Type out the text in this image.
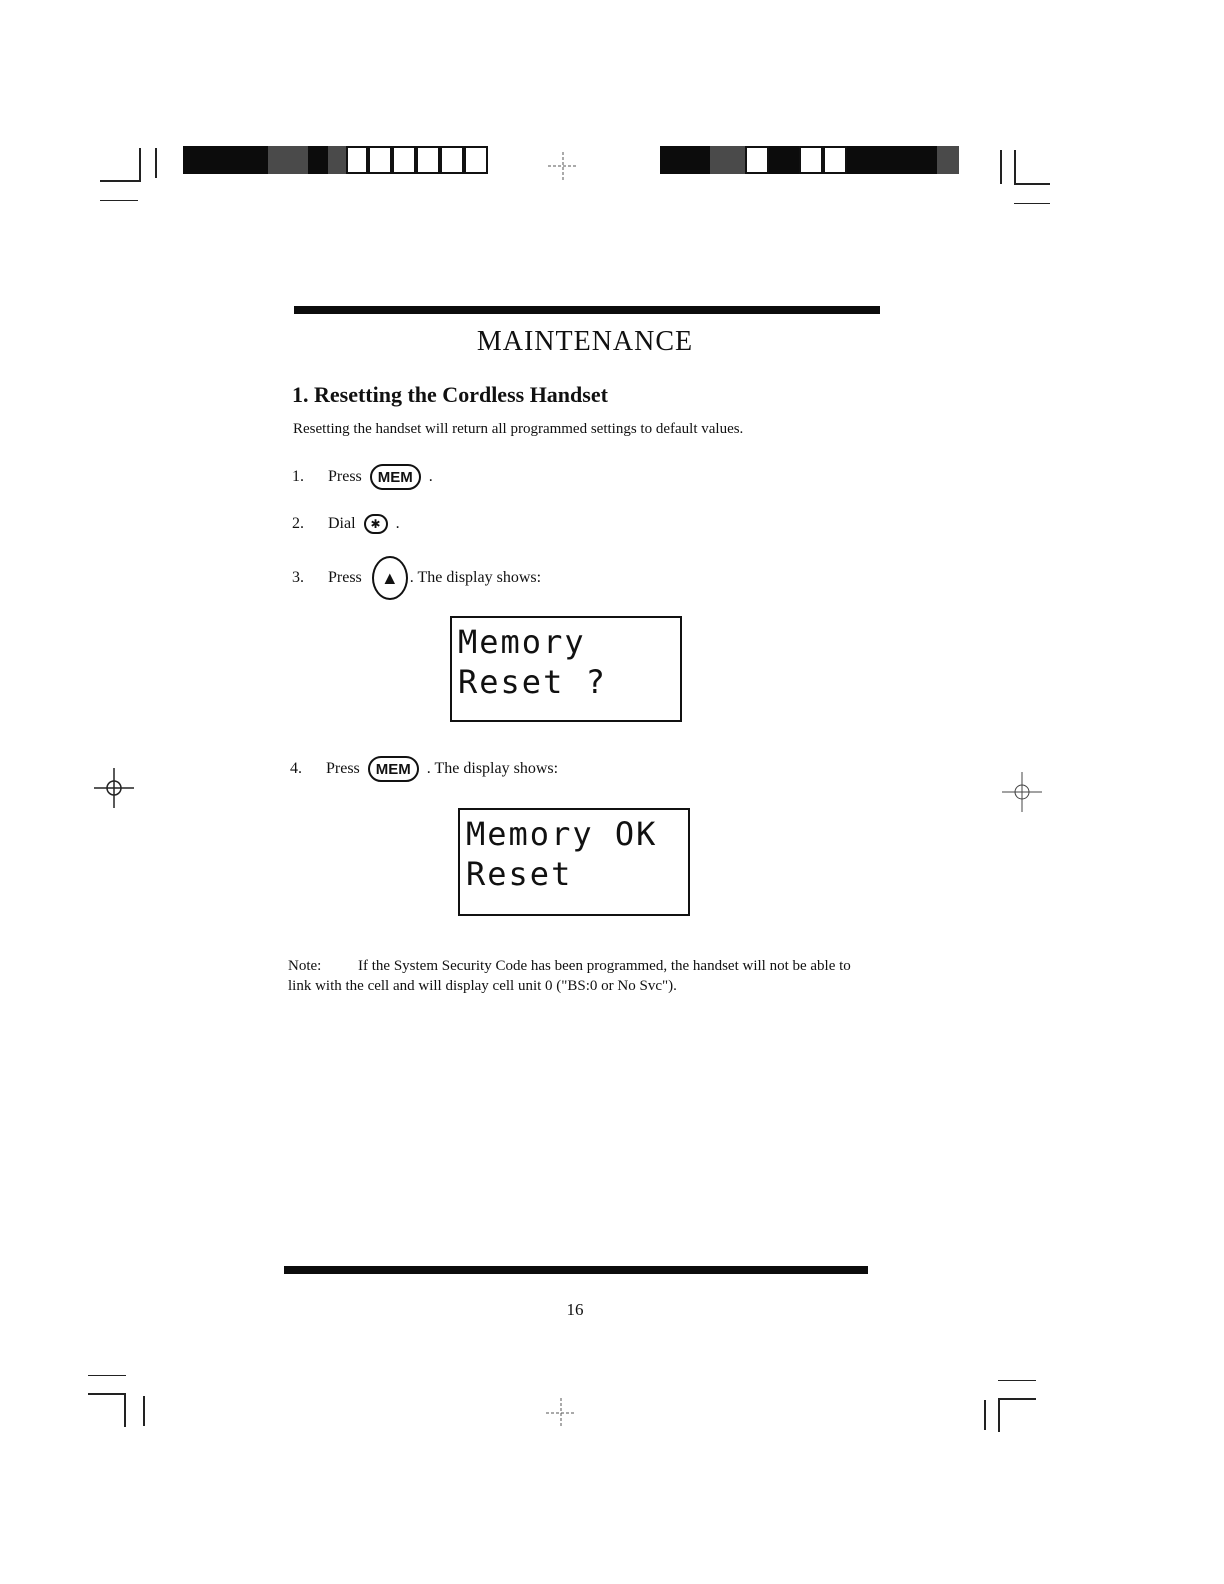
MAINTENANCE
1. Resetting the Cordless Handset
Resetting the handset will return all programmed settings to default values.
1.	Press	MEM	.
2.	Dial	✱ .
3.	Press ▲ . The display shows:
Memory
Reset ?
4.	Press	MEM	. The display shows:
Memory OK
Reset
Note: If the System Security Code has been programmed, the handset will not be able to link with the cell and will display cell unit 0 ("BS:0 or No Svc").
16
